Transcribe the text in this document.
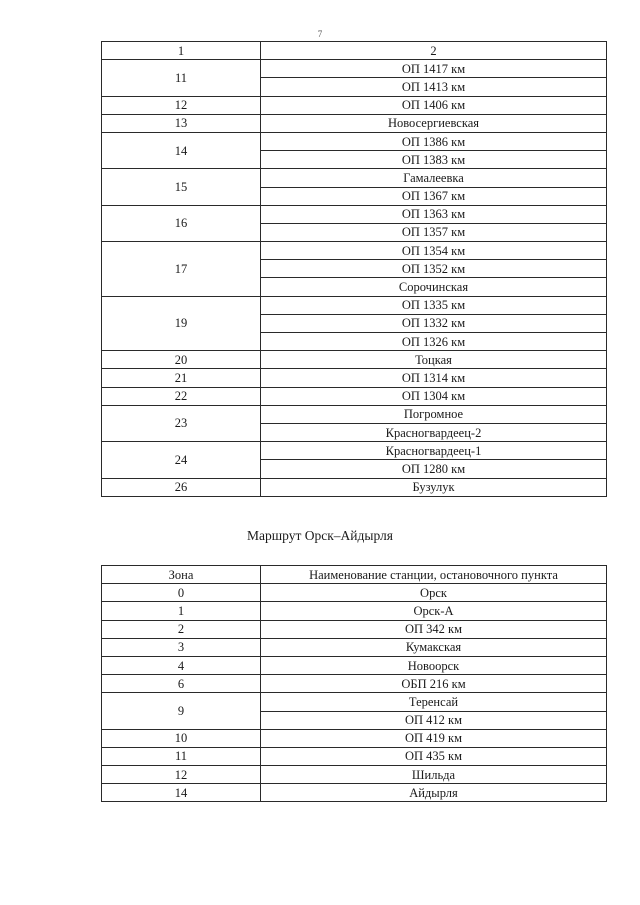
7
1	2
11	ОП 1417 км
	ОП 1413 км
12	ОП 1406 км
13	Новосергиевская
14	ОП 1386 км
	ОП 1383 км
15	Гамалеевка
	ОП 1367 км
16	ОП 1363 км
	ОП 1357 км
17	ОП 1354 км
	ОП 1352 км
	Сорочинская
19	ОП 1335 км
	ОП 1332 км
	ОП 1326 км
20	Тоцкая
21	ОП 1314 км
22	ОП 1304 км
23	Погромное
	Красногвардеец-2
24	Красногвардеец-1
	ОП 1280 км
26	Бузулук
Маршрут Орск–Айдырля
Зона	Наименование станции, остановочного пункта
0	Орск
1	Орск-А
2	ОП 342 км
3	Кумакская
4	Новоорск
6	ОБП 216 км
9	Теренсай
	ОП 412 км
10	ОП 419 км
11	ОП 435 км
12	Шильда
14	Айдырля
